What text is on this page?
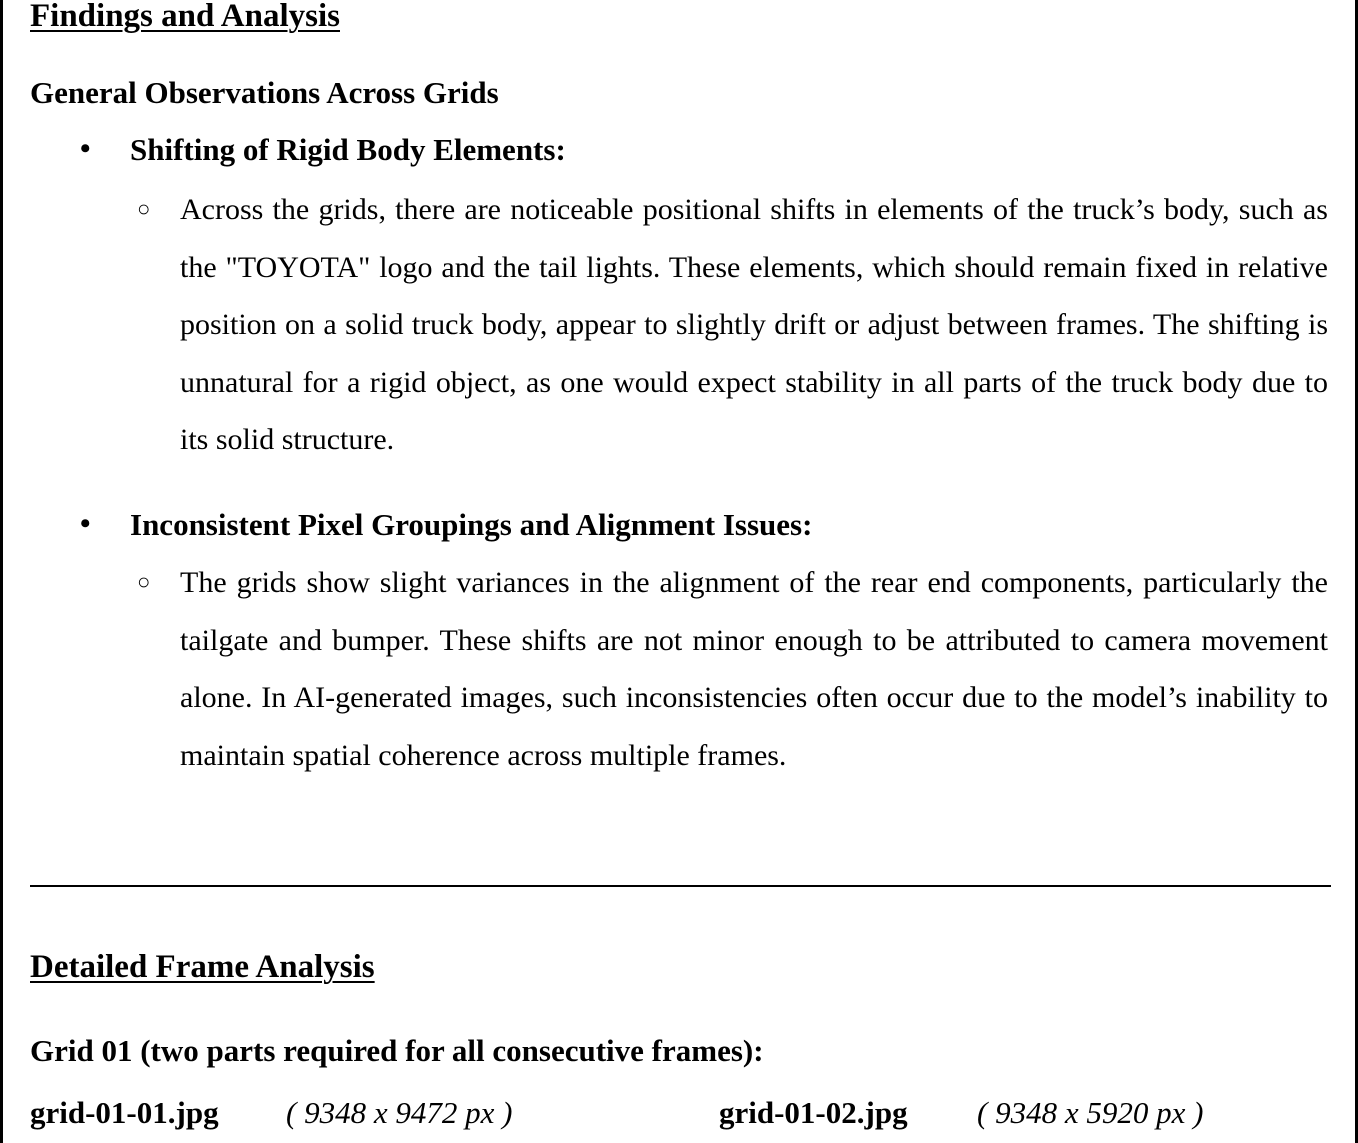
Findings and Analysis
General Observations Across Grids
• Shifting of Rigid Body Elements:
○ Across the grids, there are noticeable positional shifts in elements of the truck’s body, such as the "TOYOTA" logo and the tail lights. These elements, which should remain fixed in relative position on a solid truck body, appear to slightly drift or adjust between frames. The shifting is unnatural for a rigid object, as one would expect stability in all parts of the truck body due to its solid structure.

• Inconsistent Pixel Groupings and Alignment Issues:
○ The grids show slight variances in the alignment of the rear end components, particularly the tailgate and bumper. These shifts are not minor enough to be attributed to camera movement alone. In AI-generated images, such inconsistencies often occur due to the model’s inability to maintain spatial coherence across multiple frames.

Detailed Frame Analysis
Grid 01 (two parts required for all consecutive frames):
grid-01-01.jpg ( 9348 x 9472 px )	grid-01-02.jpg ( 9348 x 5920 px )
